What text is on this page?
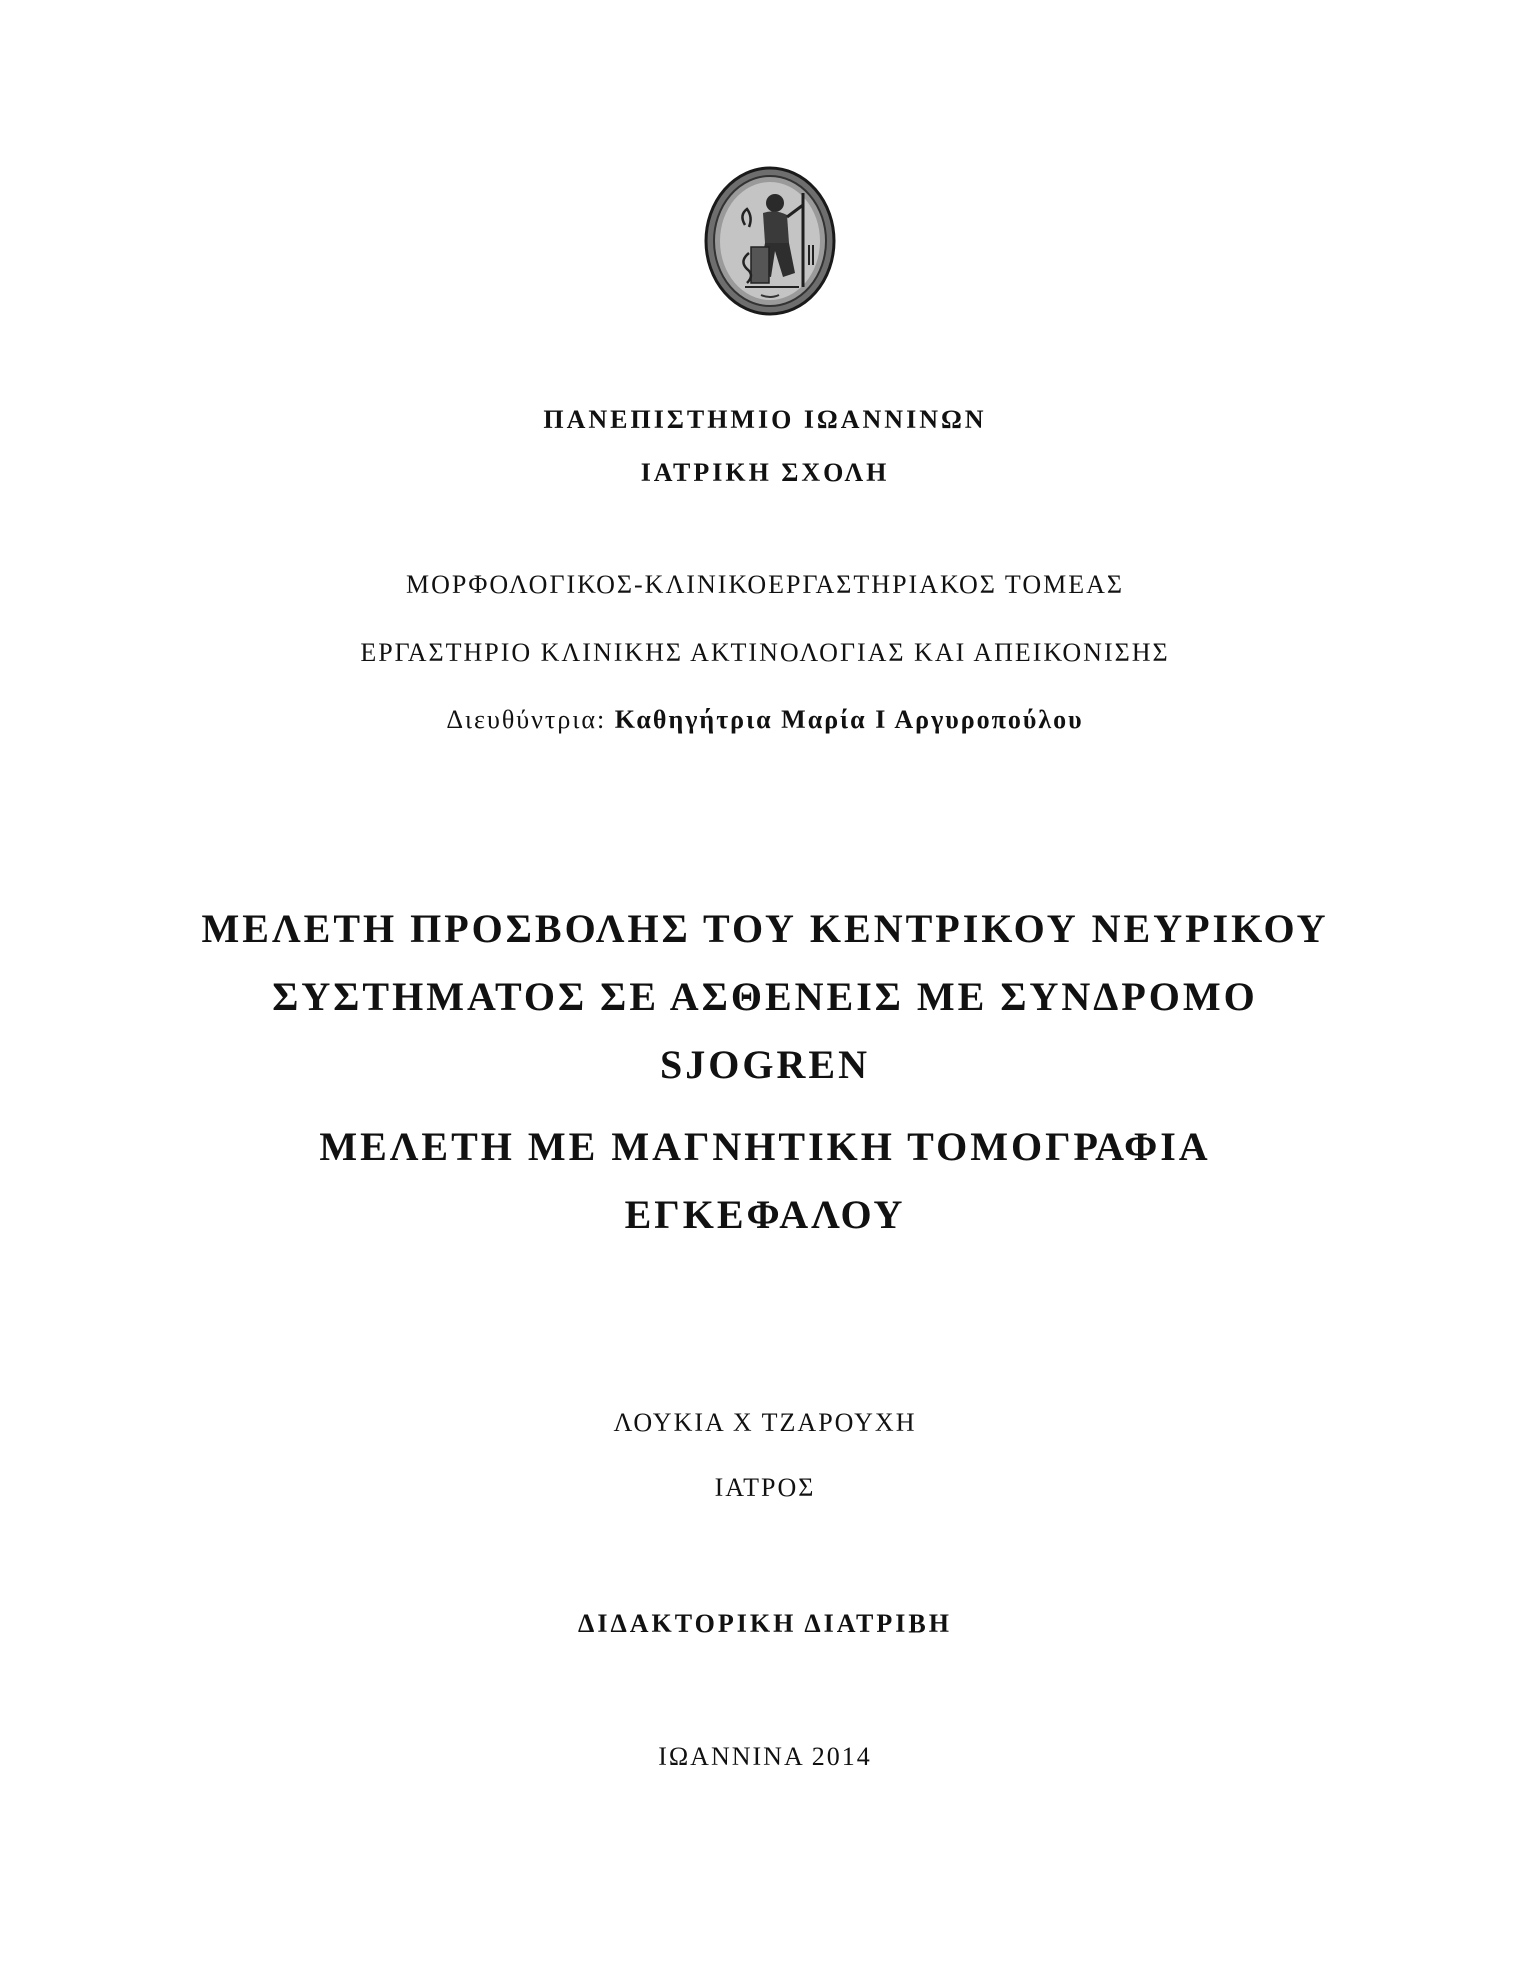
ΠΑΝΕΠΙΣΤΗΜΙΟ ΙΩΑΝΝΙΝΩΝ
ΙΑΤΡΙΚΗ ΣΧΟΛΗ
ΜΟΡΦΟΛΟΓΙΚΟΣ-ΚΛΙΝΙΚΟΕΡΓΑΣΤΗΡΙΑΚΟΣ ΤΟΜΕΑΣ
ΕΡΓΑΣΤΗΡΙΟ ΚΛΙΝΙΚΗΣ ΑΚΤΙΝΟΛΟΓΙΑΣ ΚΑΙ ΑΠΕΙΚΟΝΙΣΗΣ
Διευθύντρια: Καθηγήτρια Μαρία Ι Αργυροπούλου
ΜΕΛΕΤΗ ΠΡΟΣΒΟΛΗΣ ΤΟΥ ΚΕΝΤΡΙΚΟΥ ΝΕΥΡΙΚΟΥ
ΣΥΣΤΗΜΑΤΟΣ ΣΕ ΑΣΘΕΝΕΙΣ ΜΕ ΣΥΝΔΡΟΜΟ
SJOGREN
ΜΕΛΕΤΗ ΜΕ ΜΑΓΝΗΤΙΚΗ ΤΟΜΟΓΡΑΦΙΑ
ΕΓΚΕΦΑΛΟΥ
ΛΟΥΚΙΑ Χ ΤΖΑΡΟΥΧΗ
ΙΑΤΡΟΣ
ΔΙΔΑΚΤΟΡΙΚΗ ΔΙΑΤΡΙΒΗ
ΙΩΑΝΝΙΝΑ 2014
